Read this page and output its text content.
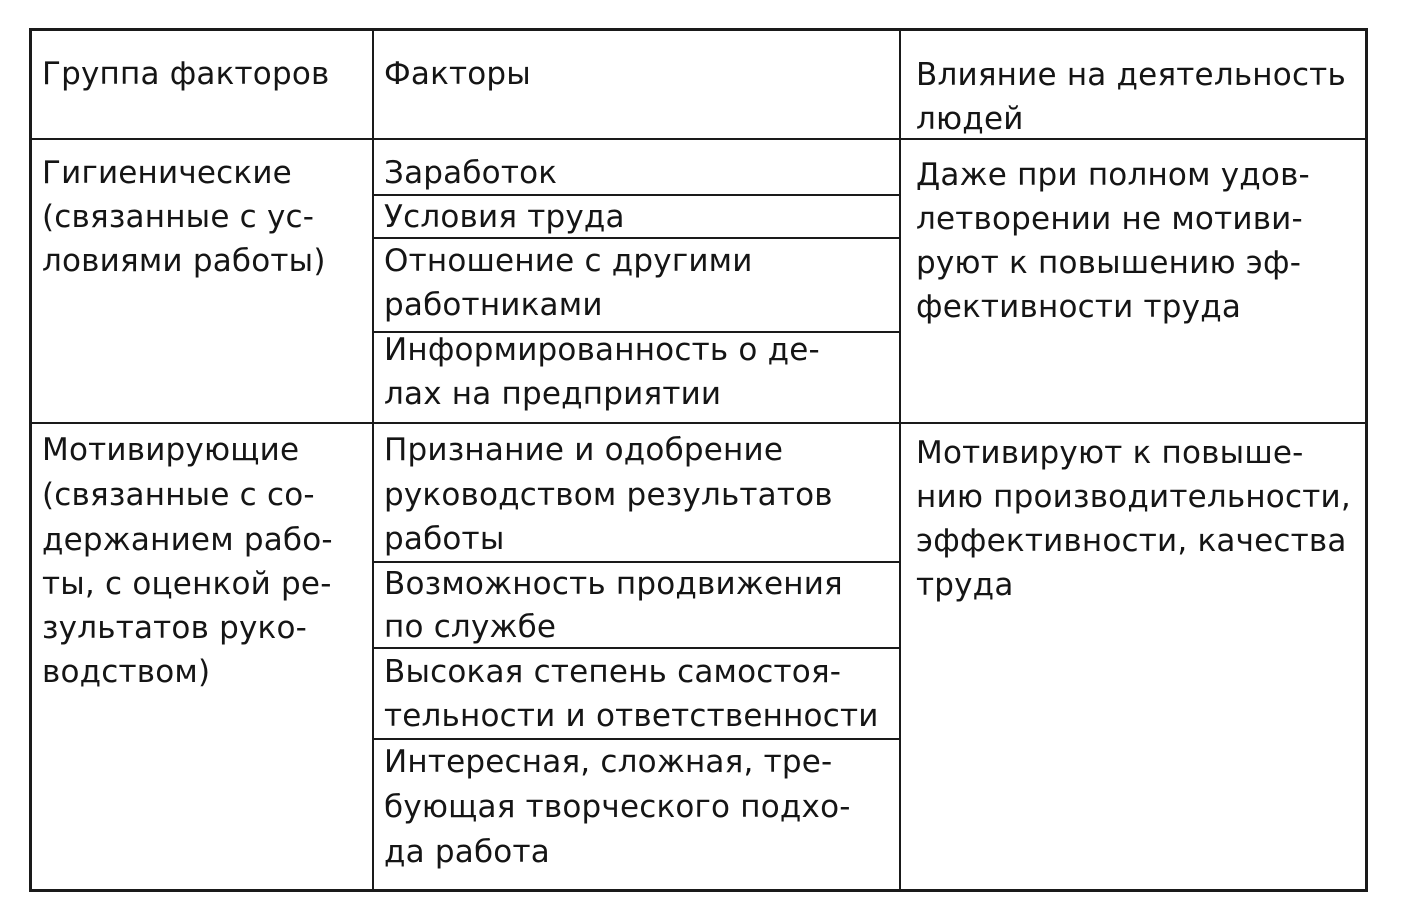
Группа факторов Факторы	Влияние на деятельность
людей
Гигиенические
(связанные с ус-
ловиями работы)
Заработок
Условия труда
Отношение с другими
работниками
Информированность о де-
лах на предприятии
Даже при полном удов-
летворении не мотиви-
руют к повышению эф-
фективности труда
Мотивирующие
(связанные с со-
держанием рабо-
ты, с оценкой ре-
зультатов руко-
водством)
Признание и одобрение
руководством результатов
работы
Возможность продвижения
по службе
Высокая степень самостоя-
тельности и ответственности
Интересная, сложная, тре-
бующая творческого подхо-
да работа
Мотивируют к повыше-
нию производительности,
эффективности, качества
труда
